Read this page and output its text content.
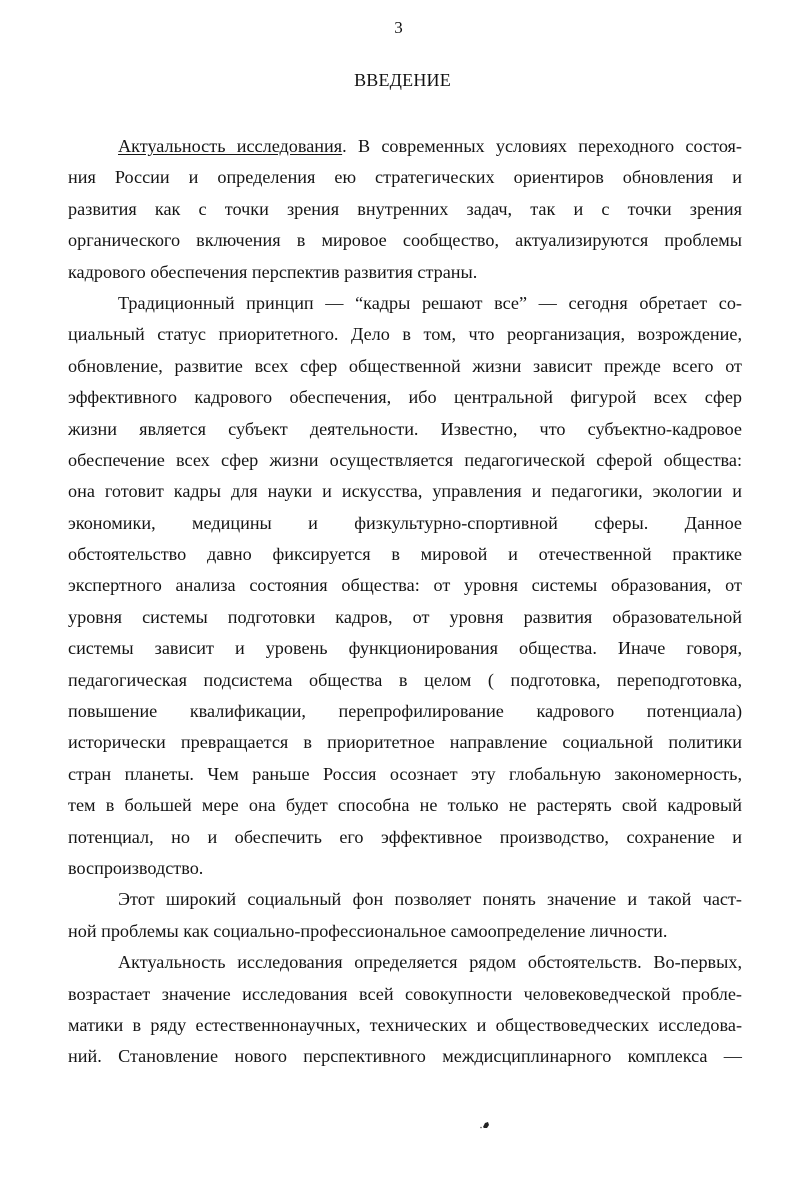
3
ВВЕДЕНИЕ
Актуальность исследования. В современных условиях переходного состоя-
ния России и определения ею стратегических ориентиров обновления и
развития как с точки зрения внутренних задач, так и с точки зрения
органического включения в мировое сообщество, актуализируются проблемы
кадрового обеспечения перспектив развития страны.
Традиционный принцип — “кадры решают все” — сегодня обретает со-
циальный статус приоритетного. Дело в том, что реорганизация, возрождение,
обновление, развитие всех сфер общественной жизни зависит прежде всего от
эффективного кадрового обеспечения, ибо центральной фигурой всех сфер
жизни является субъект деятельности. Известно, что субъектно-кадровое
обеспечение всех сфер жизни осуществляется педагогической сферой общества:
она готовит кадры для науки и искусства, управления и педагогики, экологии и
экономики, медицины и физкультурно-спортивной сферы. Данное
обстоятельство давно фиксируется в мировой и отечественной практике
экспертного анализа состояния общества: от уровня системы образования, от
уровня системы подготовки кадров, от уровня развития образовательной
системы зависит и уровень функционирования общества. Иначе говоря,
педагогическая подсистема общества в целом ( подготовка, переподготовка,
повышение квалификации, перепрофилирование кадрового потенциала)
исторически превращается в приоритетное направление социальной политики
стран планеты. Чем раньше Россия осознает эту глобальную закономерность,
тем в большей мере она будет способна не только не растерять свой кадровый
потенциал, но и обеспечить его эффективное производство, сохранение и
воспроизводство.
Этот широкий социальный фон позволяет понять значение и такой част-
ной проблемы как социально-профессиональное самоопределение личности.
Актуальность исследования определяется рядом обстоятельств. Во-первых,
возрастает значение исследования всей совокупности человековедческой пробле-
матики в ряду естественнонаучных, технических и обществоведческих исследова-
ний. Становление нового перспективного междисциплинарного комплекса —
